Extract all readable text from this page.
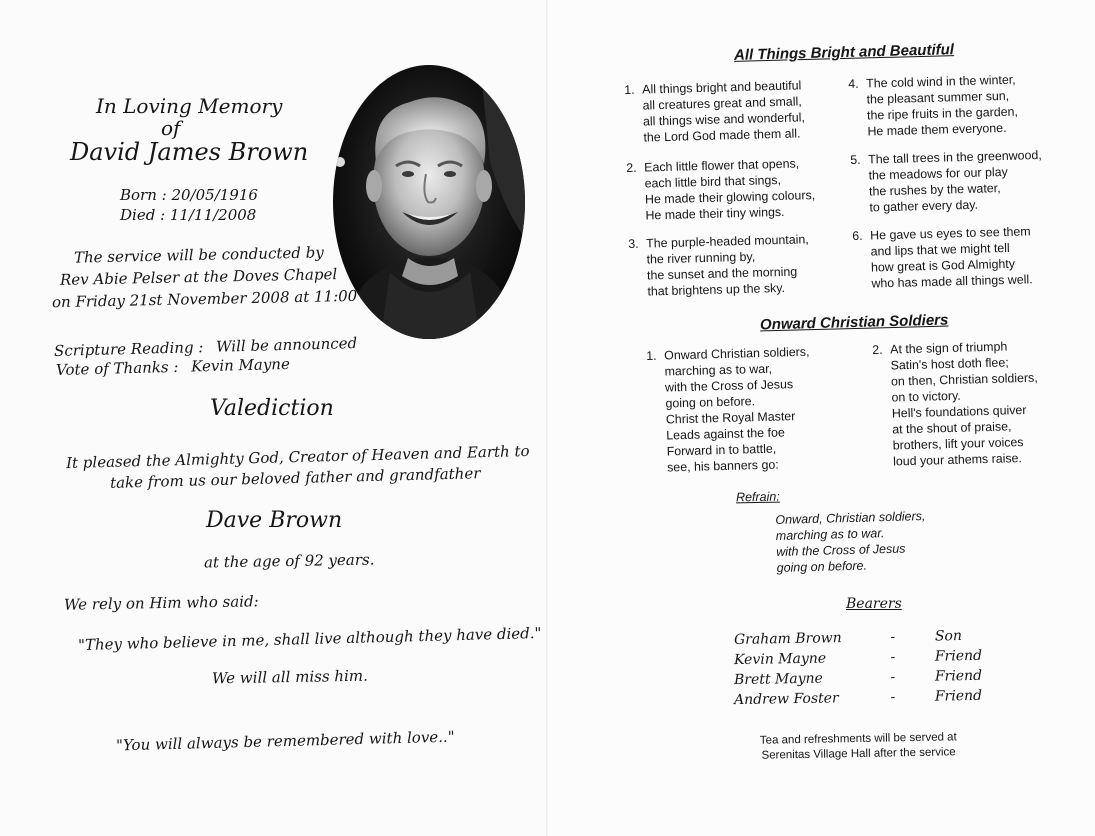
In Loving Memory
of
David James Brown
Born : 20/05/1916
Died : 11/11/2008
The service will be conducted by
Rev Abie Pelser at the Doves Chapel
on Friday 21st November 2008 at 11:00
Scripture Reading : Will be announced
Vote of Thanks : Kevin Mayne
Valediction
It pleased the Almighty God, Creator of Heaven and Earth to
take from us our beloved father and grandfather
Dave Brown
at the age of 92 years.
We rely on Him who said:
"They who believe in me, shall live although they have died."
We will all miss him.
"You will always be remembered with love.."
All Things Bright and Beautiful
1. All things bright and beautiful
all creatures great and small,
all things wise and wonderful,
the Lord God made them all.
2. Each little flower that opens,
each little bird that sings,
He made their glowing colours,
He made their tiny wings.
3. The purple-headed mountain,
the river running by,
the sunset and the morning
that brightens up the sky.
4. The cold wind in the winter,
the pleasant summer sun,
the ripe fruits in the garden,
He made them everyone.
5. The tall trees in the greenwood,
the meadows for our play
the rushes by the water,
to gather every day.
6. He gave us eyes to see them
and lips that we might tell
how great is God Almighty
who has made all things well.
Onward Christian Soldiers
1. Onward Christian soldiers,
marching as to war,
with the Cross of Jesus
going on before.
Christ the Royal Master
Leads against the foe
Forward in to battle,
see, his banners go:
2. At the sign of triumph
Satin's host doth flee;
on then, Christian soldiers,
on to victory.
Hell's foundations quiver
at the shout of praise,
brothers, lift your voices
loud your athems raise.
Refrain:
Onward, Christian soldiers,
marching as to war.
with the Cross of Jesus
going on before.
Bearers
Graham Brown	-	Son
Kevin Mayne	-	Friend
Brett Mayne	-	Friend
Andrew Foster	-	Friend
Tea and refreshments will be served at
Serenitas Village Hall after the service
